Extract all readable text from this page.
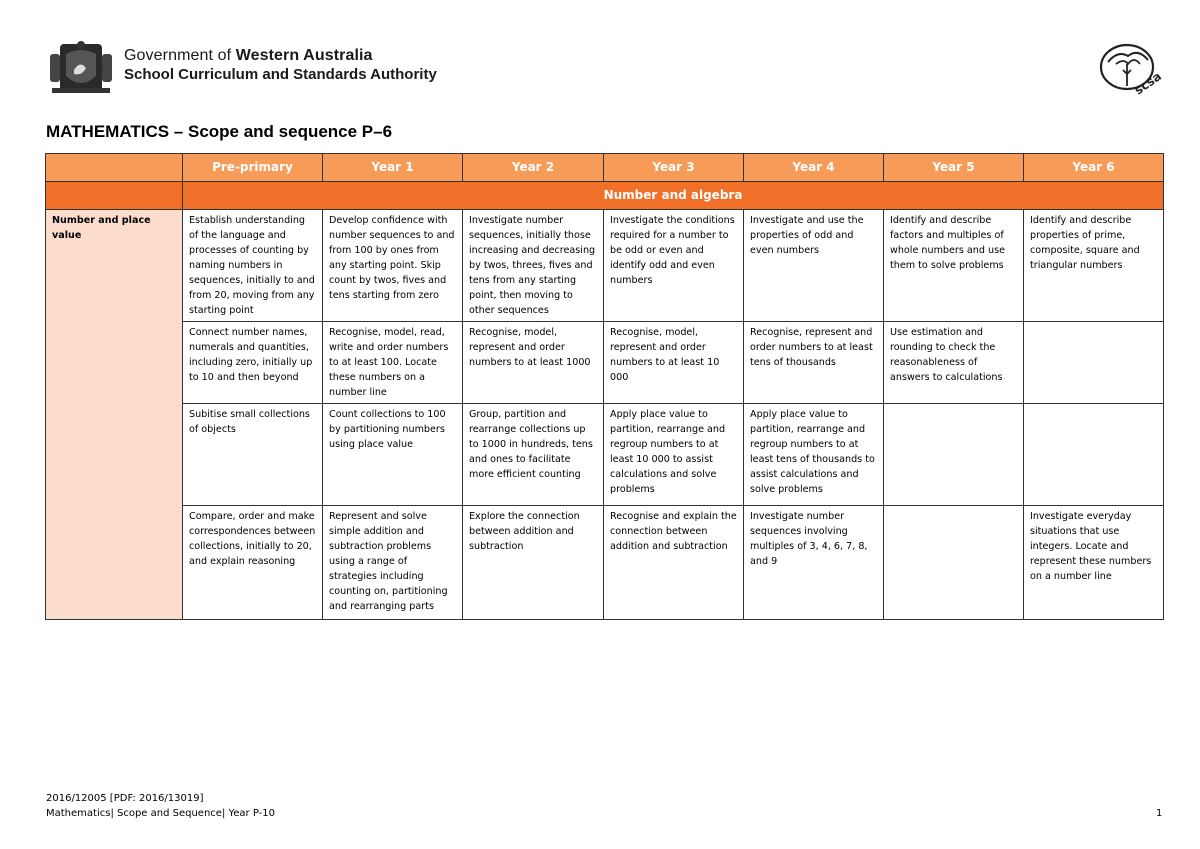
Government of Western Australia
School Curriculum and Standards Authority	scsa
MATHEMATICS – Scope and sequence P–6
	Pre-primary	Year 1	Year 2	Year 3	Year 4	Year 5	Year 6
	Number and algebra						
Number and place value	Establish understanding of the language and processes of counting by naming numbers in sequences, initially to and from 20, moving from any starting point	Develop confidence with number sequences to and from 100 by ones from any starting point. Skip count by twos, fives and tens starting from zero	Investigate number sequences, initially those increasing and decreasing by twos, threes, fives and tens from any starting point, then moving to other sequences	Investigate the conditions required for a number to be odd or even and identify odd and even numbers	Investigate and use the properties of odd and even numbers	Identify and describe factors and multiples of whole numbers and use them to solve problems	Identify and describe properties of prime, composite, square and triangular numbers
	Connect number names, numerals and quantities, including zero, initially up to 10 and then beyond	Recognise, model, read, write and order numbers to at least 100. Locate these numbers on a number line	Recognise, model, represent and order numbers to at least 1000	Recognise, model, represent and order numbers to at least 10 000	Recognise, represent and order numbers to at least tens of thousands	Use estimation and rounding to check the reasonableness of answers to calculations	
	Subitise small collections of objects	Count collections to 100 by partitioning numbers using place value	Group, partition and rearrange collections up to 1000 in hundreds, tens and ones to facilitate more efficient counting	Apply place value to partition, rearrange and regroup numbers to at least 10 000 to assist calculations and solve problems	Apply place value to partition, rearrange and regroup numbers to at least tens of thousands to assist calculations and solve problems		
	Compare, order and make correspondences between collections, initially to 20, and explain reasoning	Represent and solve simple addition and subtraction problems using a range of strategies including counting on, partitioning and rearranging parts	Explore the connection between addition and subtraction	Recognise and explain the connection between addition and subtraction	Investigate number sequences involving multiples of 3, 4, 6, 7, 8, and 9		Investigate everyday situations that use integers. Locate and represent these numbers on a number line
2016/12005 [PDF: 2016/13019]
Mathematics| Scope and Sequence| Year P-10	1
